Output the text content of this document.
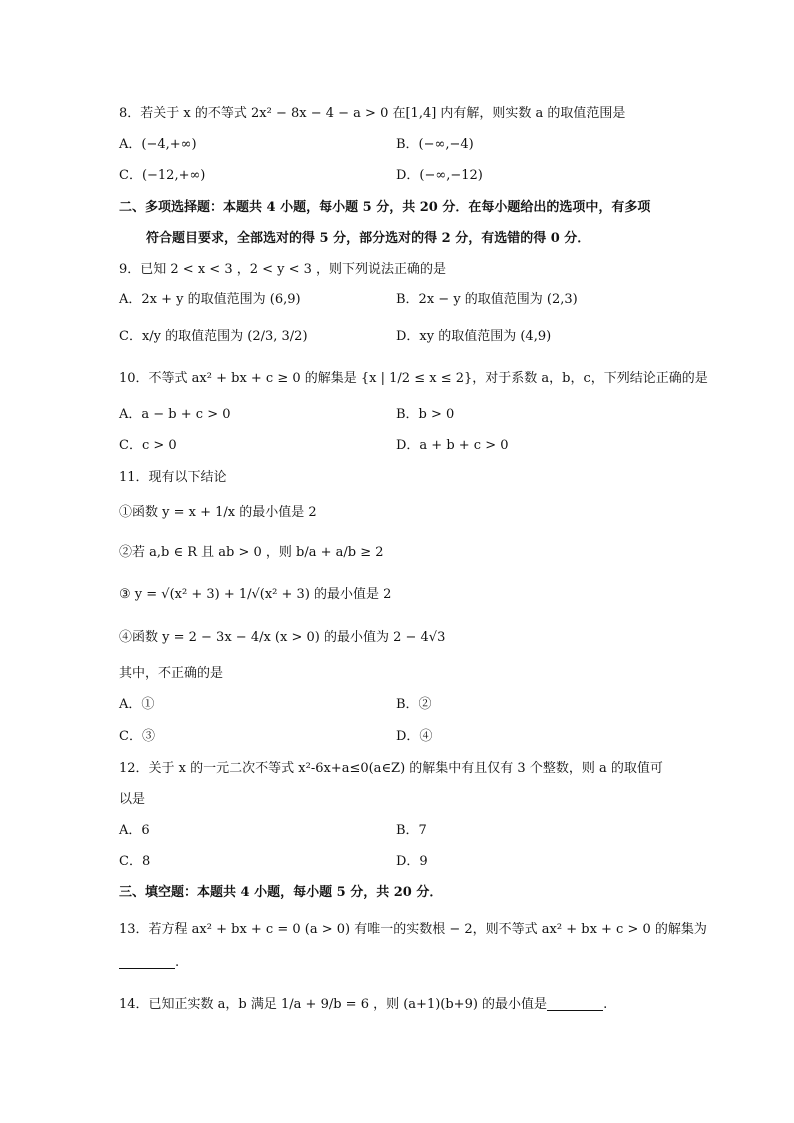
8．若关于 x 的不等式 2x² − 8x − 4 − a > 0 在[1,4] 内有解，则实数 a 的取值范围是
A．(−4,+∞)	B．(−∞,−4)
C．(−12,+∞)	D．(−∞,−12)
二、多项选择题：本题共 4 小题，每小题 5 分，共 20 分．在每小题给出的选项中，有多项
符合题目要求，全部选对的得 5 分，部分选对的得 2 分，有选错的得 0 分．
9．已知 2 < x < 3 ，2 < y < 3 ，则下列说法正确的是
A．2x + y 的取值范围为 (6,9)	B．2x − y 的取值范围为 (2,3)
C．x/y 的取值范围为 (2/3, 3/2)	D．xy 的取值范围为 (4,9)
10．不等式 ax² + bx + c ≥ 0 的解集是 {x | 1/2 ≤ x ≤ 2}，对于系数 a，b，c，下列结论正确的是
A．a − b + c > 0	B．b > 0
C．c > 0	D．a + b + c > 0
11．现有以下结论
①函数 y = x + 1/x 的最小值是 2
②若 a,b ∈ R 且 ab > 0 ，则 b/a + a/b ≥ 2
③ y = √(x² + 3) + 1/√(x² + 3) 的最小值是 2
④函数 y = 2 − 3x − 4/x (x > 0) 的最小值为 2 − 4√3
其中，不正确的是
A．①	B．②
C．③	D．④
12．关于 x 的一元二次不等式 x²-6x+a≤0(a∈Z) 的解集中有且仅有 3 个整数，则 a 的取值可
以是
A．6	B．7
C．8	D．9
三、填空题：本题共 4 小题，每小题 5 分，共 20 分．
13．若方程 ax² + bx + c = 0 (a > 0) 有唯一的实数根 − 2，则不等式 ax² + bx + c > 0 的解集为
.
14．已知正实数 a，b 满足 1/a + 9/b = 6 ，则 (a+1)(b+9) 的最小值是	.
